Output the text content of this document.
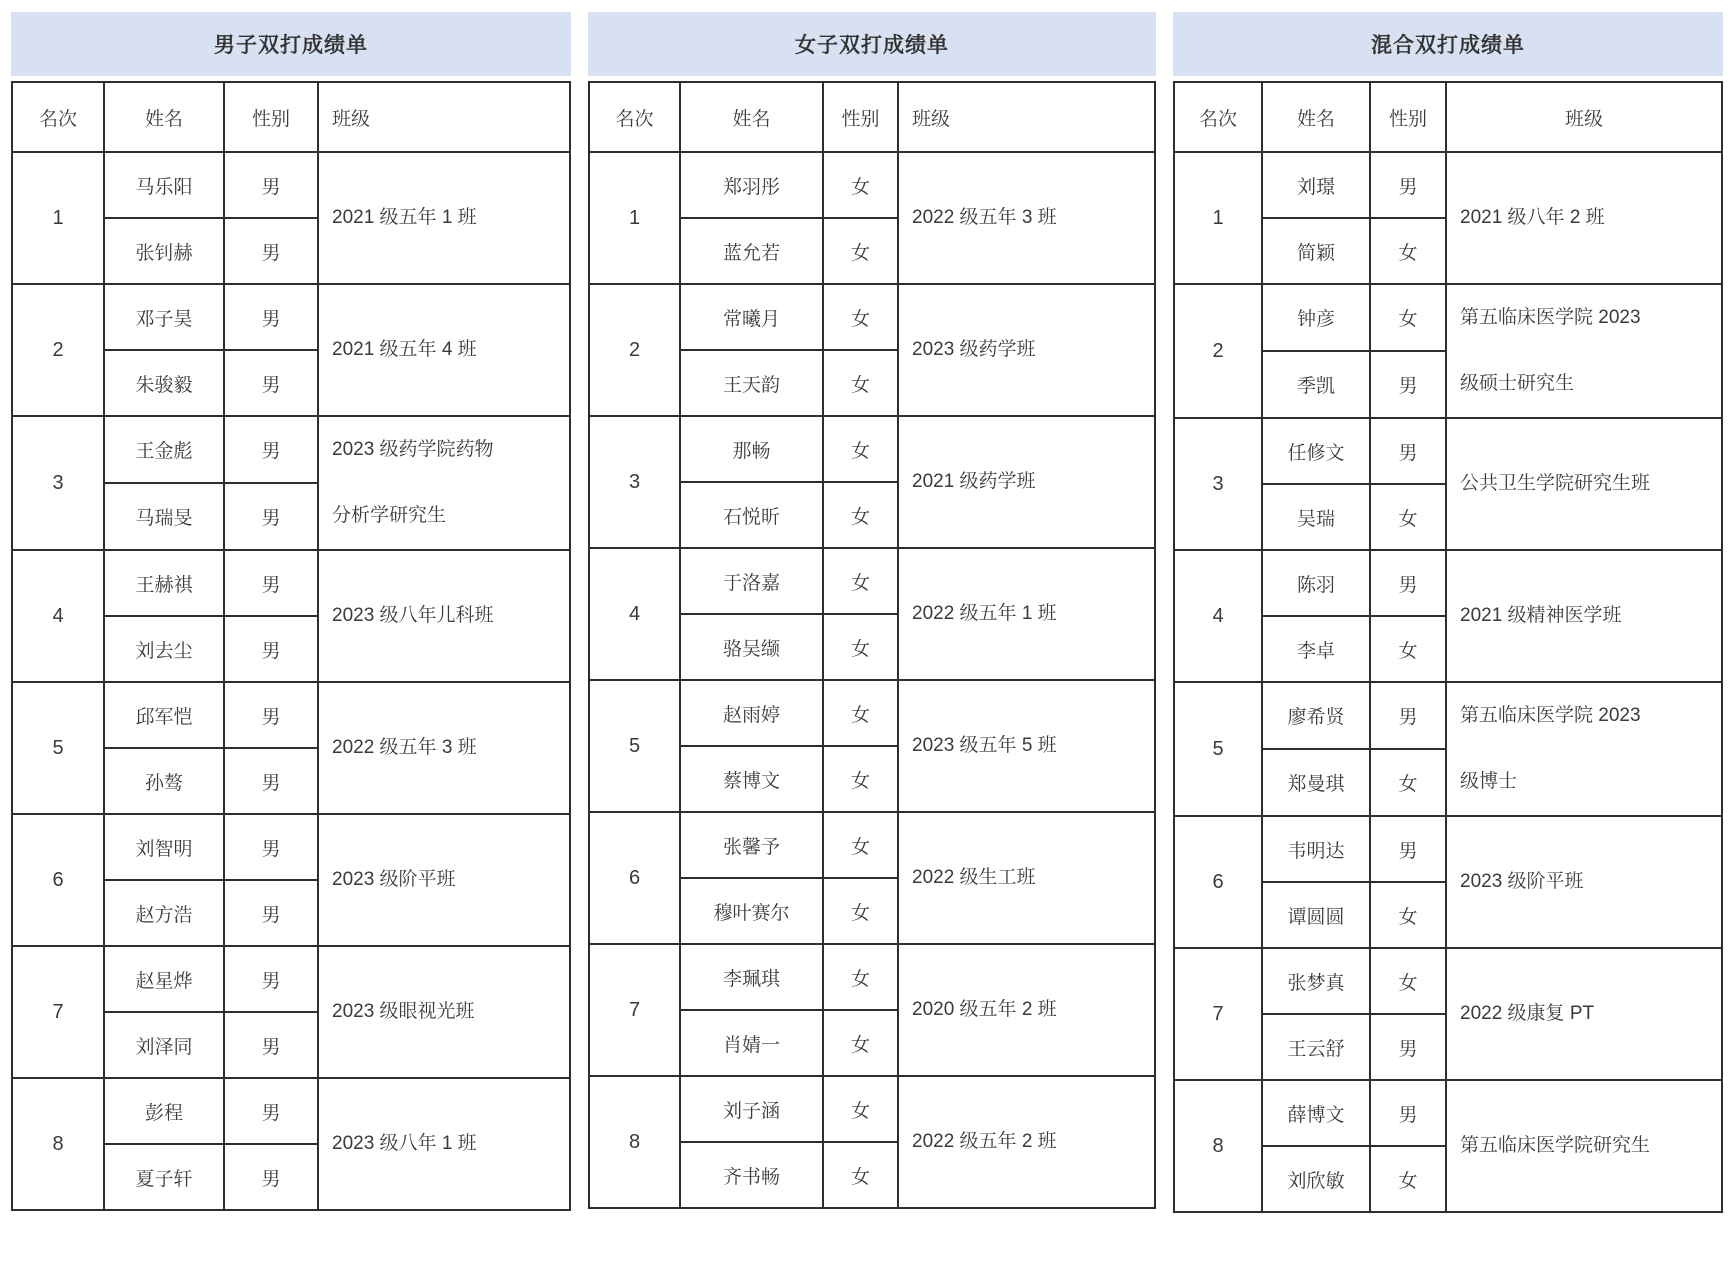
男子双打成绩单
名次	姓名	性别	班级
1	马乐阳	男	2021 级五年 1 班

	张钊赫	男	
2	邓子昊	男	2021 级五年 4 班

	朱骏毅	男	
3	王金彪	男	2023 级药学院药物
分析学研究生

	马瑞旻	男	
4	王赫祺	男	2023 级八年儿科班

	刘去尘	男	
5	邱军恺	男	2022 级五年 3 班

	孙骜	男	
6	刘智明	男	2023 级阶平班

	赵方浩	男	
7	赵星烨	男	2023 级眼视光班

	刘泽同	男	
8	彭程	男	2023 级八年 1 班

	夏子轩	男	
女子双打成绩单
名次	姓名	性别	班级
1	郑羽彤	女	2022 级五年 3 班

	蓝允若	女	
2	常曦月	女	2023 级药学班

	王天韵	女	
3	那畅	女	2021 级药学班

	石悦昕	女	
4	于洛嘉	女	2022 级五年 1 班

	骆吴缬	女	
5	赵雨婷	女	2023 级五年 5 班

	蔡博文	女	
6	张馨予	女	2022 级生工班

	穆叶赛尔	女	
7	李珮琪	女	2020 级五年 2 班

	肖婧一	女	
8	刘子涵	女	2022 级五年 2 班

	齐书畅	女	
混合双打成绩单
名次	姓名	性别	班级
1	刘璟	男	2021 级八年 2 班

	简颖	女	
2	钟彦	女	第五临床医学院 2023
级硕士研究生

	季凯	男	
3	任修文	男	公共卫生学院研究生班

	吴瑞	女	
4	陈羽	男	2021 级精神医学班

	李卓	女	
5	廖希贤	男	第五临床医学院 2023
级博士

	郑曼琪	女	
6	韦明达	男	2023 级阶平班

	谭圆圆	女	
7	张梦真	女	2022 级康复 PT

	王云舒	男	
8	薛博文	男	第五临床医学院研究生

	刘欣敏	女	
